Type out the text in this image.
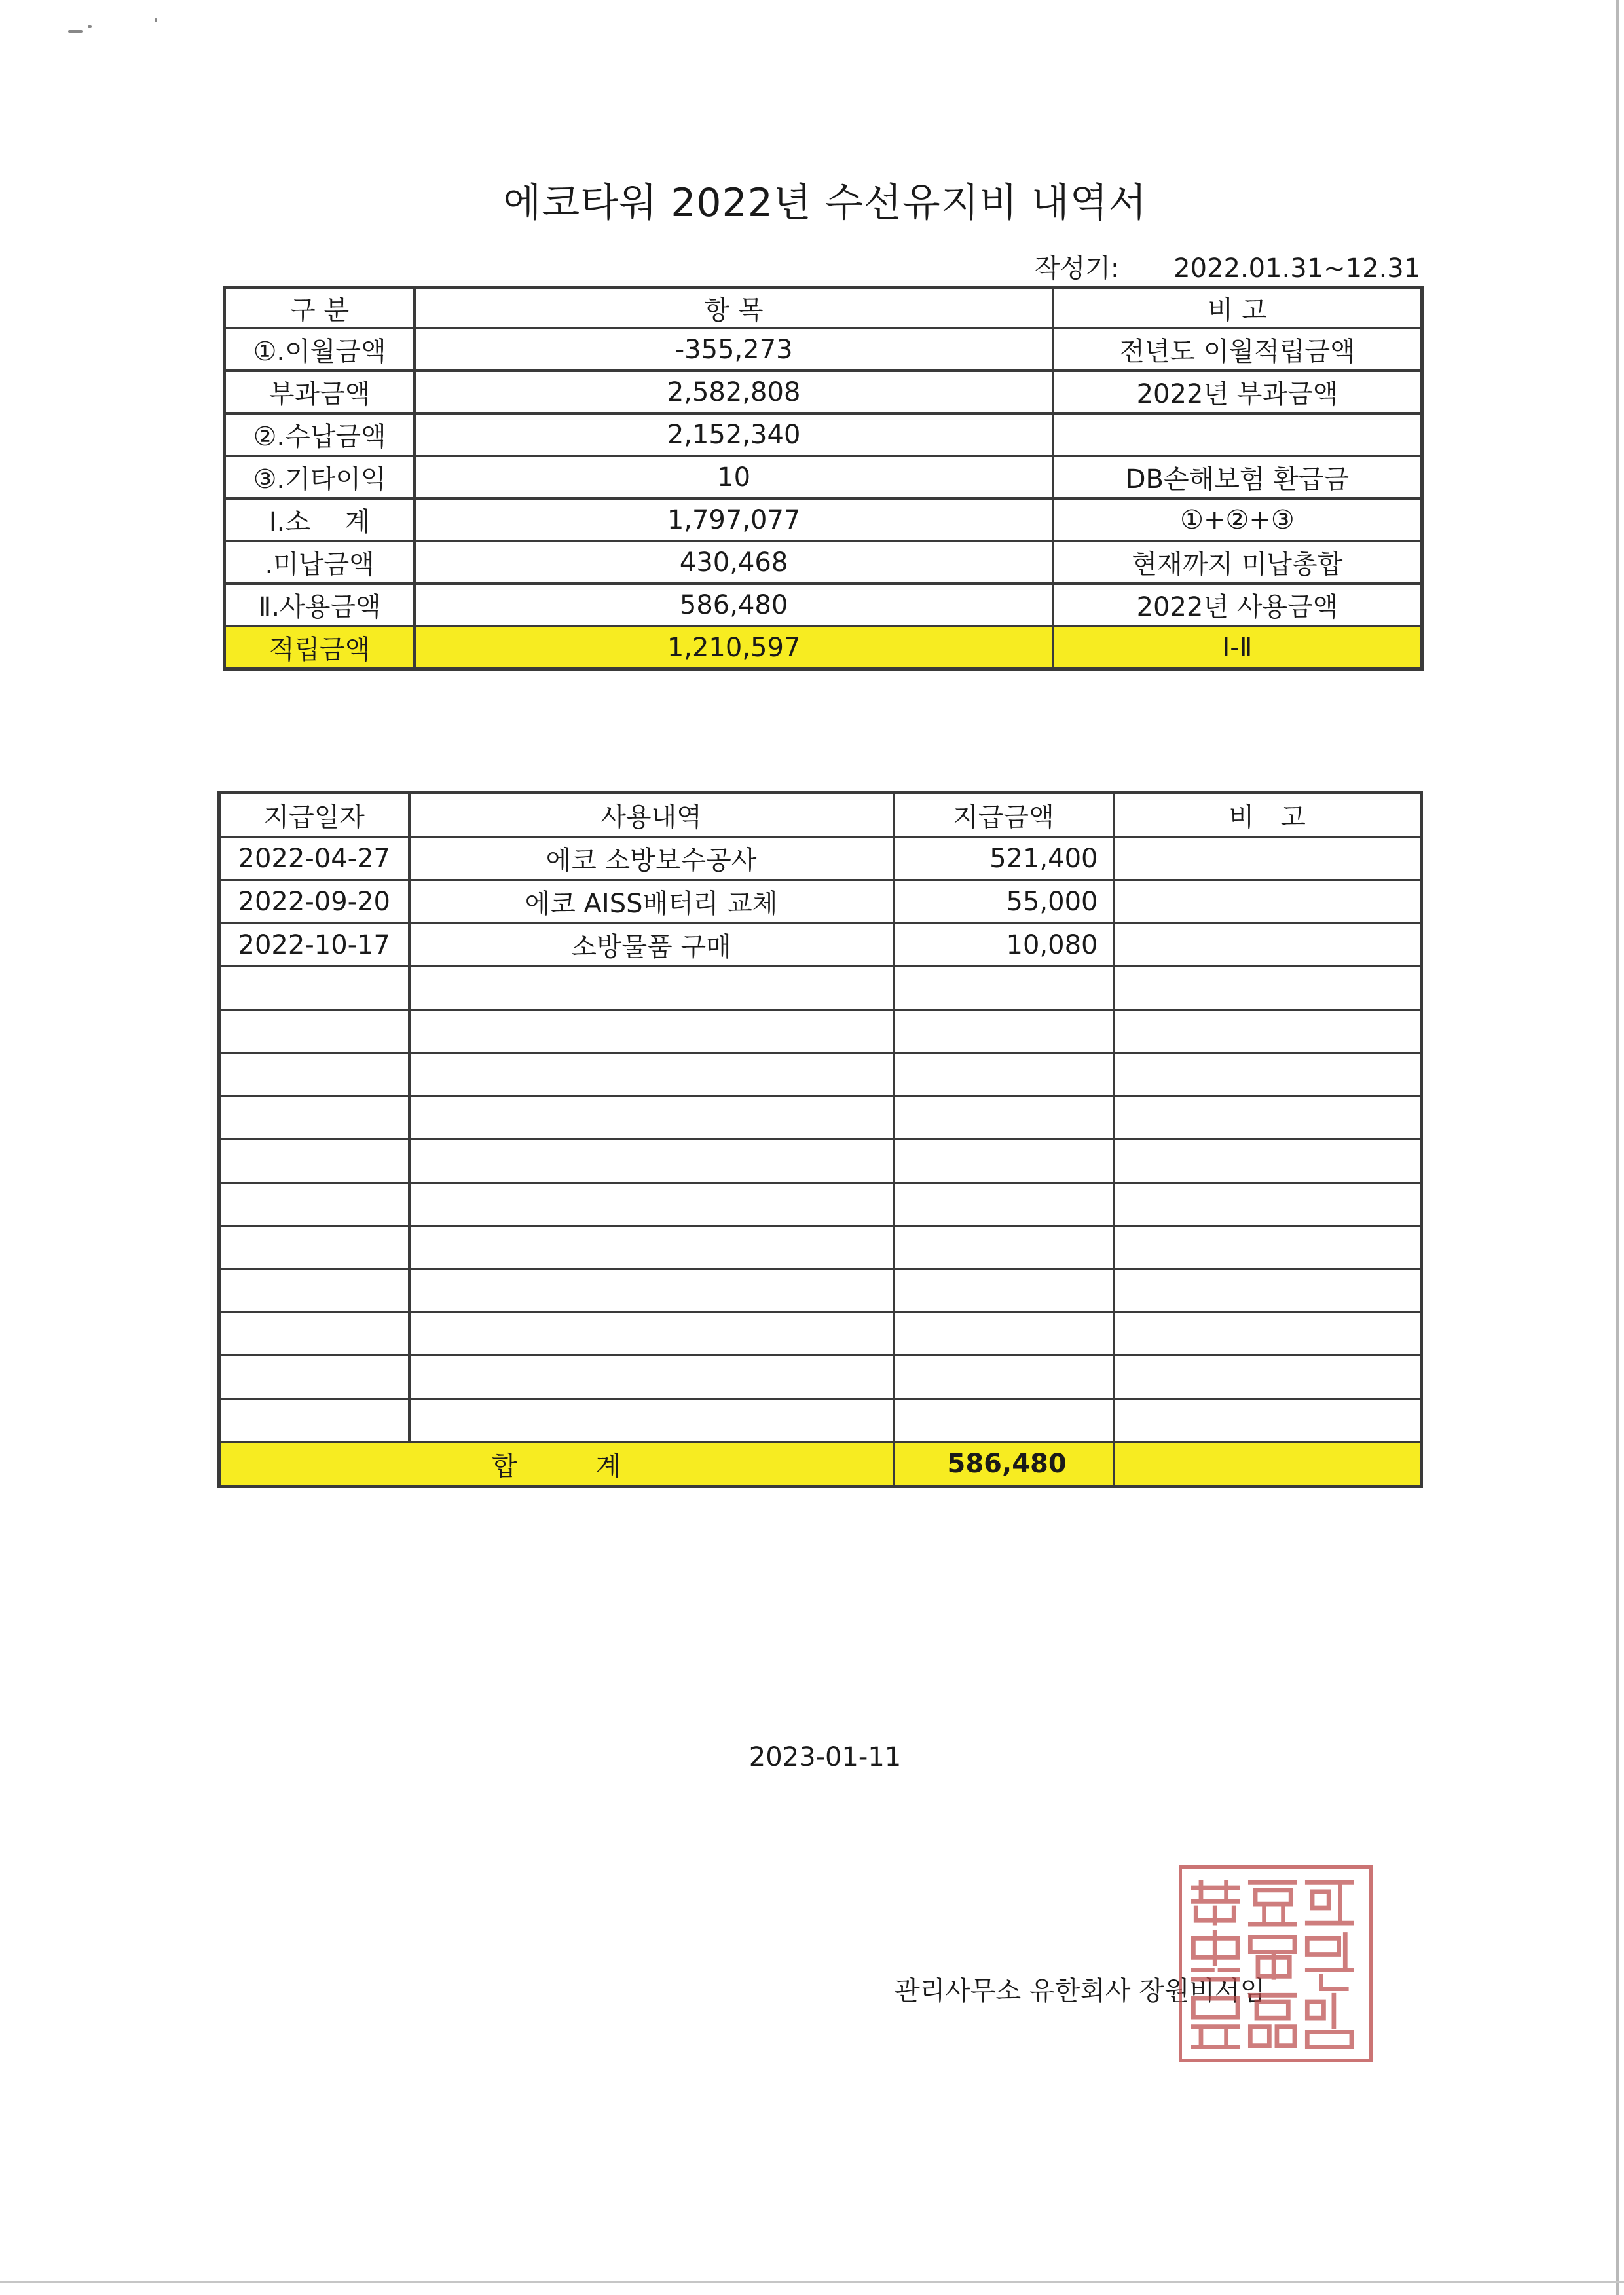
에코타워 2022년 수선유지비 내역서
작성기: 2022.01.31~12.31
구 분	항 목	비 고
①.이월금액	-355,273	전년도 이월적립금액
부과금액	2,582,808	2022년 부과금액
②.수납금액	2,152,340	
③.기타이익	10	DB손해보험 환급금
Ⅰ.소　 계	1,797,077	①+②+③
.미납금액	430,468	현재까지 미납총합
Ⅱ.사용금액	586,480	2022년 사용금액
적립금액	1,210,597	Ⅰ-Ⅱ
지급일자	사용내역	지급금액	비　고
2022-04-27	에코 소방보수공사	521,400	
2022-09-20	에코 AISS배터리 교체	55,000	
2022-10-17	소방물품 구매	10,080	

합　　　계		586,480	
2023-01-11
관리사무소 유한회사 장원비서임
